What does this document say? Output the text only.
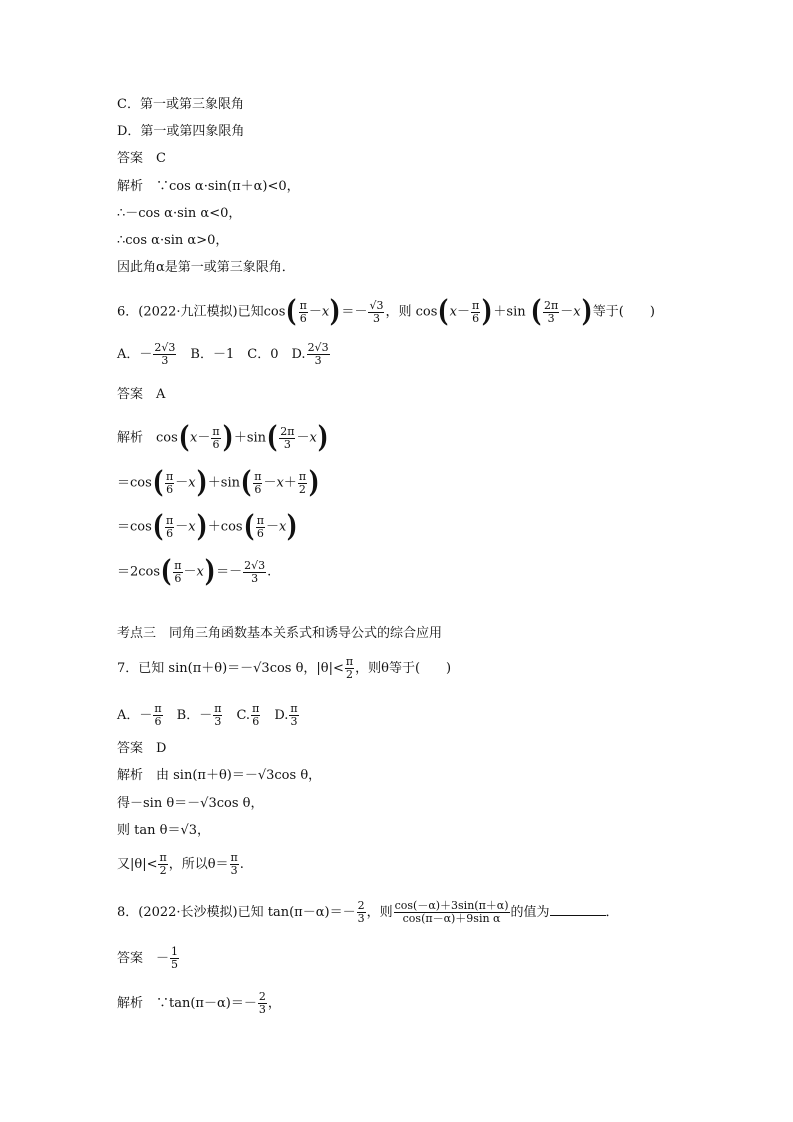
C．第一或第三象限角
D．第一或第四象限角
答案　C
解析　∵cos α·sin(π＋α)<0，
∴－cos α·sin α<0，
∴cos α·sin α>0，
因此角α是第一或第三象限角．
6．(2022·九江模拟)已知$\cos( \frac{\pi}{6} -x)=- \frac{√3}{3}$ ，则 $\cos(x- \frac{\pi}{6} )+\sin$ ( $\frac{2\pi}{3} -x$)等于(　　)
A．－ $\frac{2√3}{3}$
　 B．－1　C．0　D. $\frac{2√3}{3}$
答案　A
解析　 $\cos(x- \frac{\pi}{6} )+\sin( \frac{2\pi}{3} -x)$
$=\cos( \frac{\pi}{6} -x)+\sin( \frac{\pi}{6} -x+ \frac{\pi}{2}$ )
$=\cos( \frac{\pi}{6} -x)+\cos( \frac{\pi}{6} -x)$
$=2\cos( \frac{\pi}{6} -x)=- \frac{2√3}{3}$ .
考点三　同角三角函数基本关系式和诱导公式的综合应用
7．已知 sin(π＋θ)＝－√3cos θ，$|\theta|< \frac{\pi}{2}$ ，则θ等于(　　)
A．－ $\frac{\pi}{6}$
　 B．－ $\frac{\pi}{3}$
　 C. $\frac{\pi}{6}$
　 D. $\frac{\pi}{3}$
答案　D
解析　由 sin(π＋θ)＝－√3cos θ，
得－sin θ＝－√3cos θ，
则 tan θ＝√3，
又$|\theta|< \frac{\pi}{2}$ ，所以$\theta= \frac{\pi}{3}$ .
8．(2022·长沙模拟)已知 $\tan(\pi-\alpha)=- \frac{2}{3}$ ，则 $\frac{\cos(-\alpha)+3\sin(\pi+\alpha)}{\text{cos(π－α)＋9sin α}}$ 的值为	．
答案　－ $\frac{1}{5}$
解析　∵tan(π－α)＝－ $\frac{2}{3}$ ，
